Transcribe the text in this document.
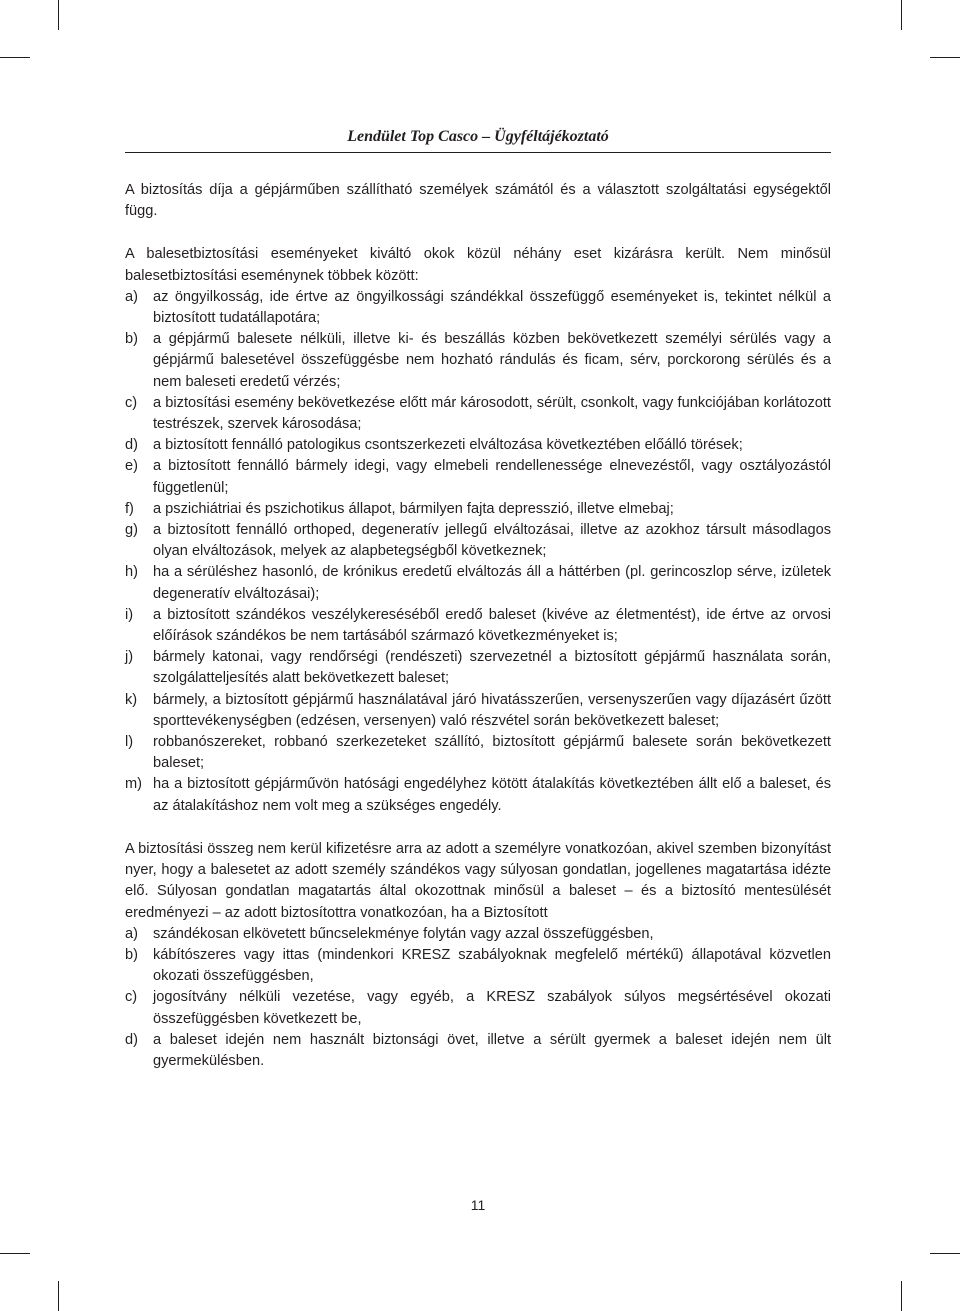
Lendület Top Casco – Ügyféltájékoztató

A biztosítás díja a gépjárműben szállítható személyek számától és a választott szolgáltatási egységektől függ.

A balesetbiztosítási eseményeket kiváltó okok közül néhány eset kizárásra került. Nem minősül balesetbiztosítási eseménynek többek között:

a) az öngyilkosság, ide értve az öngyilkossági szándékkal összefüggő eseményeket is, tekintet nélkül a biztosított tudatállapotára;
b) a gépjármű balesete nélküli, illetve ki- és beszállás közben bekövetkezett személyi sérülés vagy a gépjármű balesetével összefüggésbe nem hozható rándulás és ficam, sérv, porckorong sérülés és a nem baleseti eredetű vérzés;
c) a biztosítási esemény bekövetkezése előtt már károsodott, sérült, csonkolt, vagy funkciójában korlátozott testrészek, szervek károsodása;
d) a biztosított fennálló patologikus csontszerkezeti elváltozása következtében előálló törések;
e) a biztosított fennálló bármely idegi, vagy elmebeli rendellenessége elnevezéstől, vagy osztályozástól függetlenül;
f) a pszichiátriai és pszichotikus állapot, bármilyen fajta depresszió, illetve elmebaj;
g) a biztosított fennálló orthoped, degeneratív jellegű elváltozásai, illetve az azokhoz társult másodlagos olyan elváltozások, melyek az alapbetegségből következnek;
h) ha a sérüléshez hasonló, de krónikus eredetű elváltozás áll a háttérben (pl. gerincoszlop sérve, izületek degeneratív elváltozásai);
i) a biztosított szándékos veszélykereséséből eredő baleset (kivéve az életmentést), ide értve az orvosi előírások szándékos be nem tartásából származó következményeket is;
j) bármely katonai, vagy rendőrségi (rendészeti) szervezetnél a biztosított gépjármű használata során, szolgálatteljesítés alatt bekövetkezett baleset;
k) bármely, a biztosított gépjármű használatával járó hivatásszerűen, versenyszerűen vagy díjazásért űzött sporttevékenységben (edzésen, versenyen) való részvétel során bekövetkezett baleset;
l) robbanószereket, robbanó szerkezeteket szállító, biztosított gépjármű balesete során bekövetkezett baleset;
m) ha a biztosított gépjárművön hatósági engedélyhez kötött átalakítás következtében állt elő a baleset, és az átalakításhoz nem volt meg a szükséges engedély.

A biztosítási összeg nem kerül kifizetésre arra az adott a személyre vonatkozóan, akivel szemben bizonyítást nyer, hogy a balesetet az adott személy szándékos vagy súlyosan gondatlan, jogellenes magatartása idézte elő. Súlyosan gondatlan magatartás által okozottnak minősül a baleset – és a biztosító mentesülését eredményezi – az adott biztosítottra vonatkozóan, ha a Biztosított

a) szándékosan elkövetett bűncselekménye folytán vagy azzal összefüggésben,
b) kábítószeres vagy ittas (mindenkori KRESZ szabályoknak megfelelő mértékű) állapotával közvetlen okozati összefüggésben,
c) jogosítvány nélküli vezetése, vagy egyéb, a KRESZ szabályok súlyos megsértésével okozati összefüggésben következett be,
d) a baleset idején nem használt biztonsági övet, illetve a sérült gyermek a baleset idején nem ült gyermekülésben.
11
